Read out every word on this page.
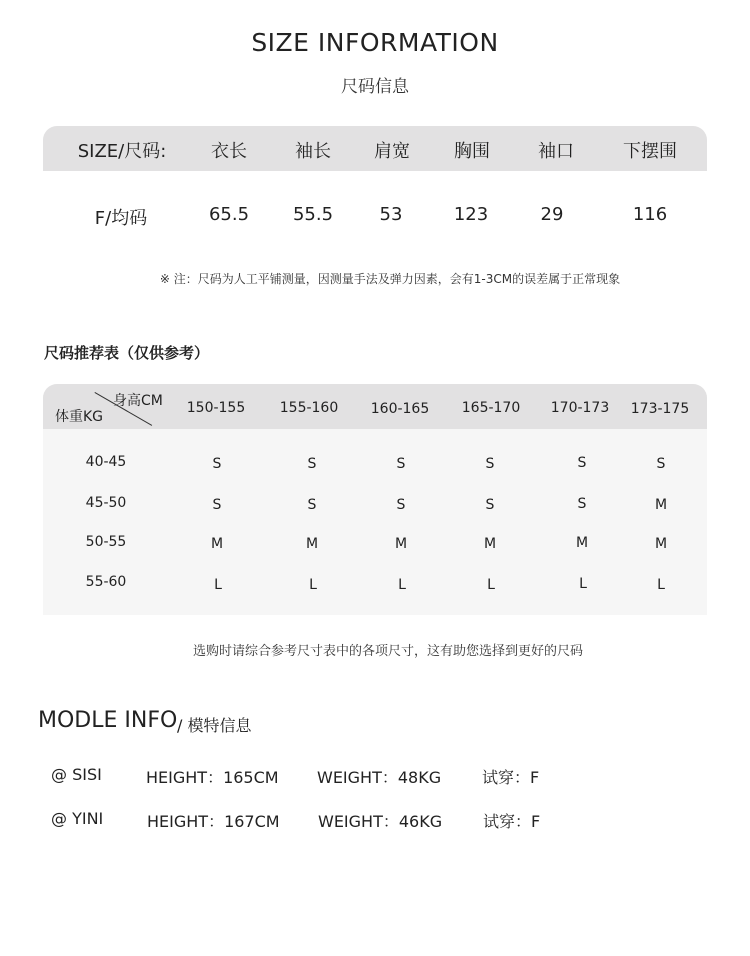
SIZE INFORMATION
尺码信息
SIZE/尺码: 衣长	袖长 肩宽 胸围	袖口	下摆围
F/均码	65.5 55.5	53	123	29	116
※ 注：尺码为人工平铺测量，因测量手法及弹力因素，会有1-3CM的误差属于正常现象
尺码推荐表（仅供参考）
身高CM
体重KG
150-155 155-160 160-165 165-170 170-173 173-175
40-45	S	S	S	S	S	S
45-50	S	S	S	S	S	M
50-55	M	M	M	M	M	M
55-60	L	L	L	L	L	L
选购时请综合参考尺寸表中的各项尺寸，这有助您选择到更好的尺码
MODLE INFO / 模特信息
@ SISI	HEIGHT：165CM WEIGHT：48KG	试穿：F
@ YINI	HEIGHT：167CM WEIGHT：46KG	试穿：F
